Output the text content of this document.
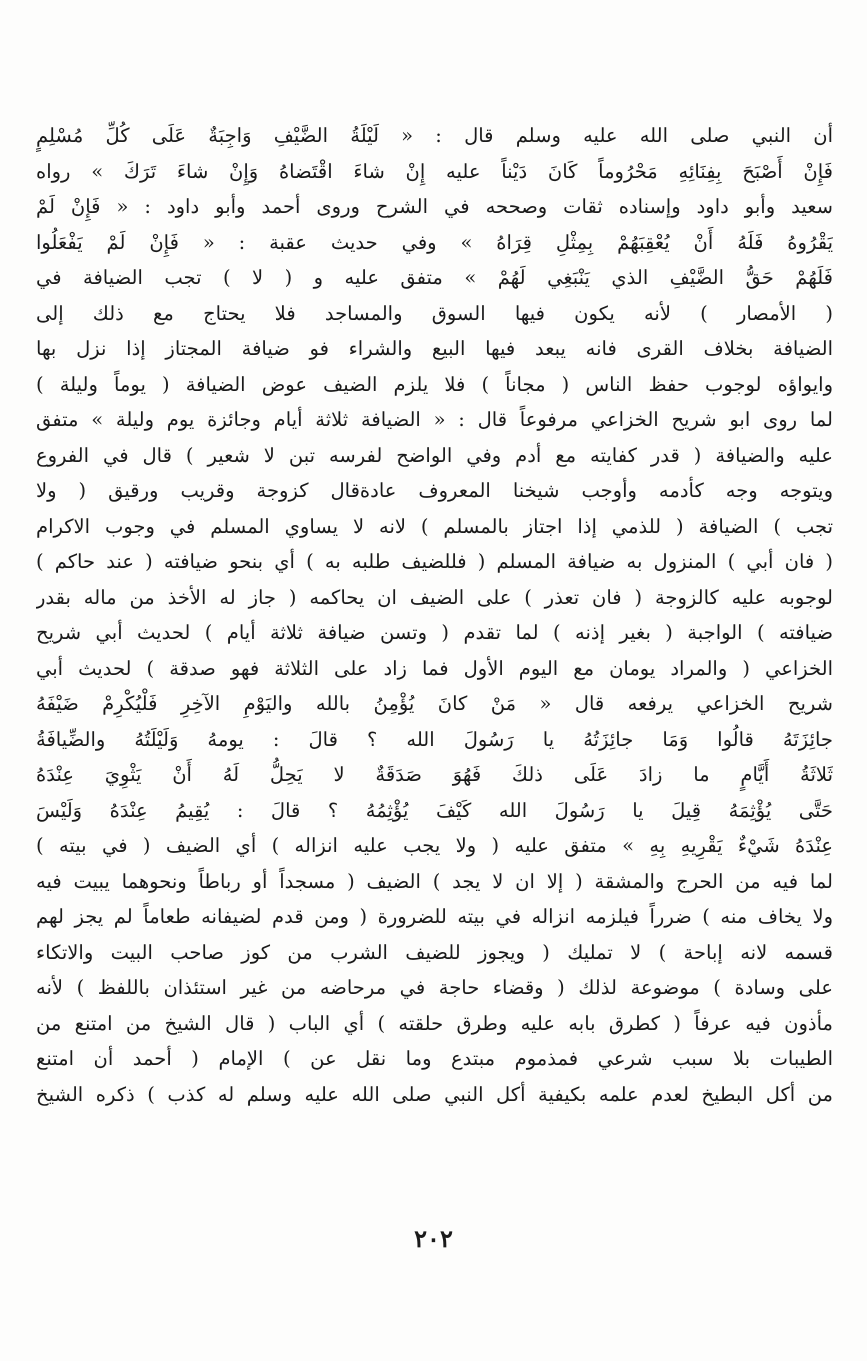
أن النبي صلى الله عليه وسلم قال : « لَيْلَةُ الضَّيْفِ وَاجِبَةٌ عَلَى كُلِّ مُسْلِمٍ
فَإِنْ أَصْبَحَ بِفِنَائِهِ مَحْرُوماً كَانَ دَيْناً عليه إِنْ شاءَ اقْتَضاهُ وَإِنْ شاءَ تَرَكَ » رواه
سعيد وأبو داود وإسناده ثقات وصححه في الشرح وروى أحمد وأبو داود : « فَإِنْ لَمْ
يَقْرُوهُ فَلَهُ أَنْ يُعْقِبَهُمْ بِمِثْلِ قِرَاهُ » وفي حديث عقبة : « فَإِنْ لَمْ يَفْعَلُوا
فَلَهُمْ حَقُّ الضَّيْفِ الذي يَنْبَغِي لَهُمْ » متفق عليه و ( لا ) تجب الضيافة في
( الأمصار ) لأنه يكون فيها السوق والمساجد فلا يحتاج مع ذلك إلى
الضيافة بخلاف القرى فانه يبعد فيها البيع والشراء فو ضيافة المجتاز إذا نزل بها
وايواؤه لوجوب حفظ الناس ( مجاناً ) فلا يلزم الضيف عوض الضيافة ( يوماً وليلة )
لما روى ابو شريح الخزاعي مرفوعاً قال : « الضيافة ثلاثة أيام وجائزة يوم وليلة » متفق
عليه والضيافة ( قدر كفايته مع أدم وفي الواضح لفرسه تبن لا شعير ) قال في الفروع
ويتوجه وجه كأدمه وأوجب شيخنا المعروف عادةقال كزوجة وقريب ورقيق ( ولا
تجب ) الضيافة ( للذمي إذا اجتاز بالمسلم ) لانه لا يساوي المسلم في وجوب الاكرام
( فان أبي ) المنزول به ضيافة المسلم ( فللضيف طلبه به ) أي بنحو ضيافته ( عند حاكم )
لوجوبه عليه كالزوجة ( فان تعذر ) على الضيف ان يحاكمه ( جاز له الأخذ من ماله بقدر
ضيافته ) الواجبة ( بغير إذنه ) لما تقدم ( وتسن ضيافة ثلاثة أيام ) لحديث أبي شريح
الخزاعي ( والمراد يومان مع اليوم الأول فما زاد على الثلاثة فهو صدقة ) لحديث أبي
شريح الخزاعي يرفعه قال « مَنْ كانَ يُؤْمِنُ بالله واليَوْمِ الآخِرِ فَلْيُكْرِمْ ضَيْفَهُ
جائِزَتَهُ قالُوا وَمَا جائِزَتُهُ يا رَسُولَ الله ؟ قالَ : يومهُ وَلَيْلَتُهُ والضِّيافَةُ
ثَلاثَةُ أَيَّامٍ ما زادَ عَلَى ذلكَ فَهُوَ صَدَقَةٌ لا يَحِلُّ لَهُ أَنْ يَثْوِيَ عِنْدَهُ
حَتَّى يُؤْثِمَهُ قِيلَ يا رَسُولَ الله كَيْفَ يُؤْثِمُهُ ؟ قالَ : يُقِيمُ عِنْدَهُ وَلَيْسَ
عِنْدَهُ شَيْءٌ يَقْرِيهِ بِهِ » متفق عليه ( ولا يجب عليه انزاله ) أي الضيف ( في بيته )
لما فيه من الحرج والمشقة ( إلا ان لا يجد ) الضيف ( مسجداً أو رباطاً ونحوهما يبيت فيه
ولا يخاف منه ) ضرراً فيلزمه انزاله في بيته للضرورة ( ومن قدم لضيفانه طعاماً لم يجز لهم
قسمه لانه إباحة ) لا تمليك ( ويجوز للضيف الشرب من كوز صاحب البيت والاتكاء
على وسادة ) موضوعة لذلك ( وقضاء حاجة في مرحاضه من غير استئذان باللفظ ) لأنه
مأذون فيه عرفاً ( كطرق بابه عليه وطرق حلقته ) أي الباب ( قال الشيخ من امتنع من
الطيبات بلا سبب شرعي فمذموم مبتدع وما نقل عن ) الإمام ( أحمد أن امتنع
من أكل البطيخ لعدم علمه بكيفية أكل النبي صلى الله عليه وسلم له كذب ) ذكره الشيخ
٢٠٢
